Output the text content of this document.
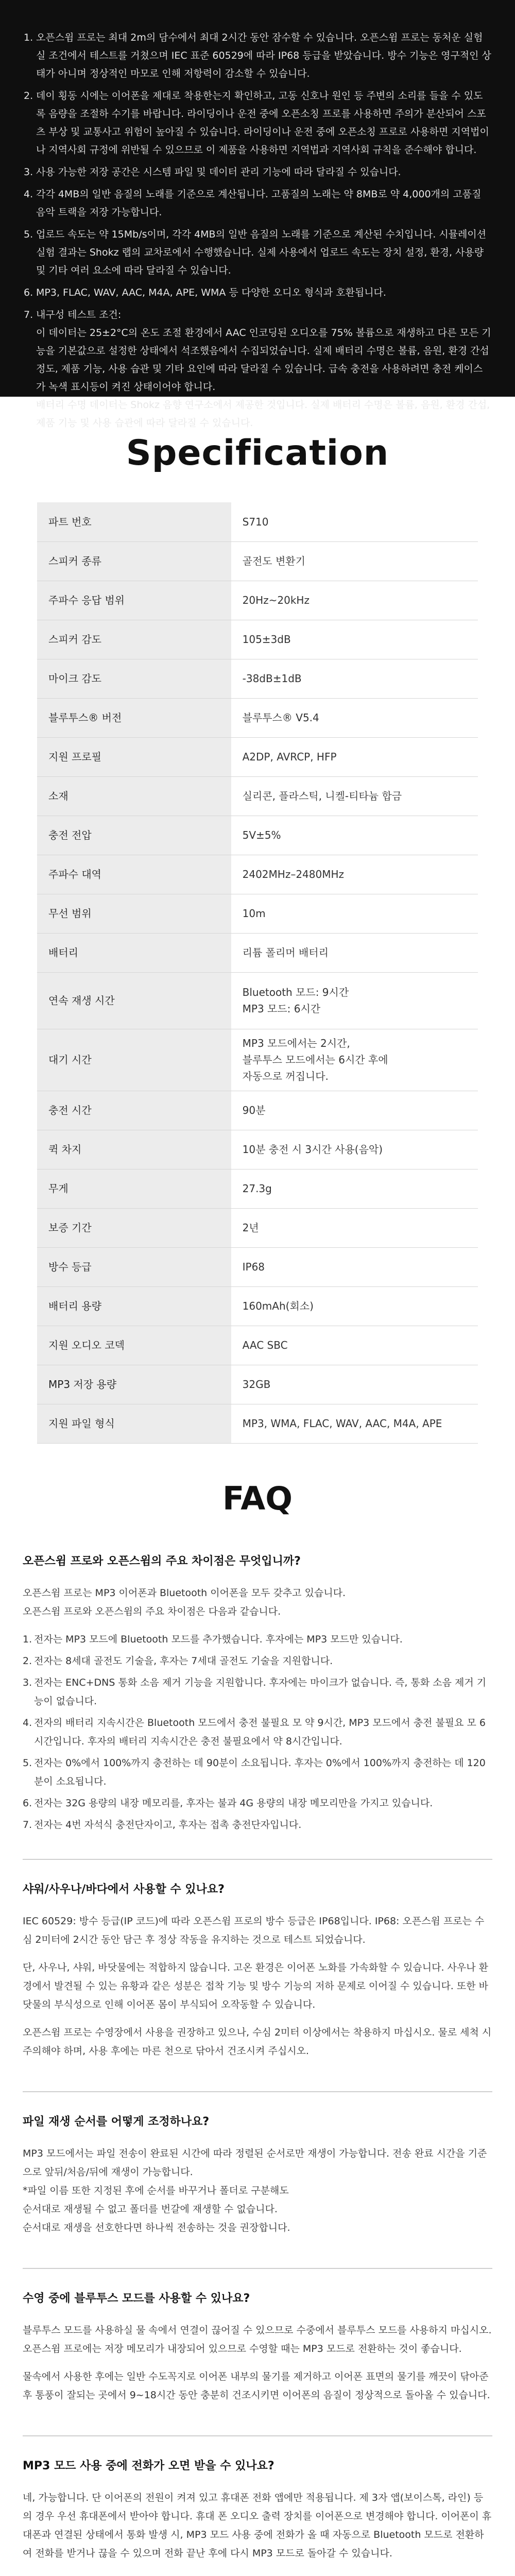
1. 오픈스윔 프로는 최대 2m의 담수에서 최대 2시간 동안 잠수할 수 있습니다. 오픈스윔 프로는 동처운 실험실 조건에서 테스트를 거쳤으며 IEC 표준 60529에 따라 IP68 등급을 받았습니다. 방수 기능은 영구적인 상태가 아니며 정상적인 마모로 인해 저항력이 감소할 수 있습니다.
2. 데이 횡동 시에는 이어폰을 제대로 착용한는지 확인하고, 고동 신호나 원인 등 주변의 소리를 들을 수 있도록 음량을 조절하 수기를 바랍니다. 라이딩이나 운전 중에 오픈소칭 프로를 사용하면 주의가 분산되어 스포츠 부상 및 교통사고 위험이 높아질 수 있습니다. 라이딩이나 운전 중에 오픈소칭 프로로 사용하면 지역법이나 지역사회 규정에 위반될 수 있으므로 이 제품을 사용하면 지역법과 지역사회 규칙을 준수해야 합니다.
3. 사용 가능한 저장 공간은 시스템 파일 및 데이터 관리 기능에 따라 달라질 수 있습니다.
4. 각각 4MB의 일반 음질의 노래를 기준으로 계산됩니다. 고품질의 노래는 약 8MB로 약 4,000개의 고품질 음악 트랙을 저장 가능합니다.
5. 업로드 속도는 약 15Mb/s이며, 각각 4MB의 일반 음질의 노래를 기준으로 계산된 수치입니다. 시뮬레이션 실험 결과는 Shokz 랩의 교차로에서 수행했습니다. 실제 사용에서 업로드 속도는 장치 설정, 환경, 사용량 및 기타 여러 요소에 따라 달라질 수 있습니다.
6. MP3, FLAC, WAV, AAC, M4A, APE, WMA 등 다양한 오디오 형식과 호환됩니다.
7. 내구성 테스트 조건:
이 데이터는 25±2°C의 온도 조절 환경에서 AAC 인코딩된 오디오를 75% 볼륨으로 재생하고 다른 모든 기능을 기본값으로 설정한 상태에서 석조했음에서 수집되었습니다. 실제 배터리 수명은 볼륨, 음원, 환경 간섭 정도, 제품 기능, 사용 습관 및 기타 요인에 따라 달라질 수 있습니다. 급속 충전을 사용하려면 충전 케이스가 녹색 표시등이 켜진 상태이어야 합니다.
배터리 수명 데이터는 Shokz 음향 연구소에서 제공한 것입니다. 실제 배터리 수명은 볼륨, 음원, 환경 간섭, 제품 기능 및 사용 습관에 따라 달라질 수 있습니다.
Specification
파트 번호	S710
스피커 종류	골전도 변환기
주파수 응답 범위	20Hz~20kHz
스피커 감도	105±3dB
마이크 감도	-38dB±1dB
블루투스® 버전	블루투스® V5.4
지원 프로필	A2DP, AVRCP, HFP
소재	실리콘, 플라스틱, 니켈-티타늄 합금
충전 전압	5V±5%
주파수 대역	2402MHz–2480MHz
무선 범위	10m
배터리	리튬 폴리머 배터리
연속 재생 시간	Bluetooth 모드: 9시간
MP3 모드: 6시간
대기 시간	MP3 모드에서는 2시간,
블루투스 모드에서는 6시간 후에
자동으로 꺼집니다.
충전 시간	90분
퀵 차지	10분 충전 시 3시간 사용(음악)
무게	27.3g
보증 기간	2년
방수 등급	IP68
배터리 용량	160mAh(회소)
지원 오디오 코덱	AAC SBC
MP3 저장 용량	32GB
지원 파일 형식	MP3, WMA, FLAC, WAV, AAC, M4A, APE
FAQ
오픈스윔 프로와 오픈스윔의 주요 차이점은 무엇입니까?

오픈스윔 프로는 MP3 이어폰과 Bluetooth 이어폰을 모두 갖추고 있습니다.
오픈스윔 프로와 오픈스윔의 주요 차이점은 다음과 같습니다.

1. 전자는 MP3 모드에 Bluetooth 모드를 추가했습니다. 후자에는 MP3 모드만 있습니다.
2. 전자는 8세대 골전도 기술을, 후자는 7세대 골전도 기술을 지원합니다.
3. 전자는 ENC+DNS 통화 소음 제거 기능을 지원합니다. 후자에는 마이크가 없습니다. 즉, 통화 소음 제거 기능이 없습니다.
4. 전자의 배터리 지속시간은 Bluetooth 모드에서 충전 불필요 모 약 9시간, MP3 모드에서 충전 불필요 모 6시간입니다. 후자의 배터리 지속시간은 충전 불필요에서 약 8시간입니다.
5. 전자는 0%에서 100%까지 충전하는 데 90분이 소요됩니다. 후자는 0%에서 100%까지 충전하는 데 120분이 소요됩니다.
6. 전자는 32G 용량의 내장 메모리를, 후자는 불과 4G 용량의 내장 메모리만을 가지고 있습니다.
7. 전자는 4번 자석식 충전단자이고, 후자는 접촉 충전단자입니다.
샤워/사우나/바다에서 사용할 수 있나요?

IEC 60529: 방수 등급(IP 코드)에 따라 오픈스윔 프로의 방수 등급은 IP68입니다. IP68: 오픈스윔 프로는 수심 2미터에 2시간 동안 담근 후 정상 작동을 유지하는 것으로 테스트 되었습니다.

단, 사우나, 샤워, 바닷물에는 적합하지 않습니다. 고온 환경은 이어폰 노화를 가속화할 수 있습니다. 사우나 환경에서 발견될 수 있는 유황과 같은 성분은 접착 기능 및 방수 기능의 저하 문제로 이어질 수 있습니다. 또한 바닷물의 부식성으로 인해 이어폰 몸이 부식되어 오작동할 수 있습니다.

오픈스윔 프로는 수영장에서 사용을 권장하고 있으나, 수심 2미터 이상에서는 착용하지 마십시오. 물로 세척 시 주의해야 하며, 사용 후에는 마른 천으로 닦아서 건조시켜 주십시오.

파일 재생 순서를 어떻게 조정하나요?

MP3 모드에서는 파일 전송이 완료된 시간에 따라 정렬된 순서로만 재생이 가능합니다. 전송 완료 시간을 기준으로 앞뒤/처음/뒤에 재생이 가능합니다.
*파일 이름 또한 지정된 후에 순서를 바꾸거나 폴더로 구분해도
순서대로 재생될 수 없고 폴더를 번갈에 재생할 수 없습니다.
순서대로 재생을 선호한다면 하나씩 전송하는 것을 권장합니다.

수영 중에 블루투스 모드를 사용할 수 있나요?

블루투스 모드를 사용하실 물 속에서 연결이 끊어질 수 있으므로 수중에서 블루투스 모드를 사용하지 마십시오. 오픈스윔 프로에는 저장 메모리가 내장되어 있으므로 수영할 때는 MP3 모드로 전환하는 것이 좋습니다.

물속에서 사용한 후에는 일반 수도꼭지로 이어폰 내부의 물기를 제거하고 이어폰 표면의 물기를 깨끗이 닦아준 후 통풍이 잘되는 곳에서 9~18시간 동안 충분히 건조시키면 이어폰의 음질이 정상적으로 돌아올 수 있습니다.

MP3 모드 사용 중에 전화가 오면 받을 수 있나요?

네, 가능합니다. 단 이어폰의 전원이 켜져 있고 휴대폰 전화 앱에만 적용됩니다. 제 3자 앱(보이스톡, 라인) 등의 경우 우선 휴대폰에서 받아야 합니다. 휴대 폰 오디오 출력 장치를 이어폰으로 변경해야 합니다. 이어폰이 휴대폰과 연결된 상태에서 통화 발생 시, MP3 모드 사용 중에 전화가 올 때 자동으로 Bluetooth 모드로 전환하여 전화를 받거나 끊을 수 있으며 전화 끝난 후에 다시 MP3 모드로 돌아갈 수 있습니다.
